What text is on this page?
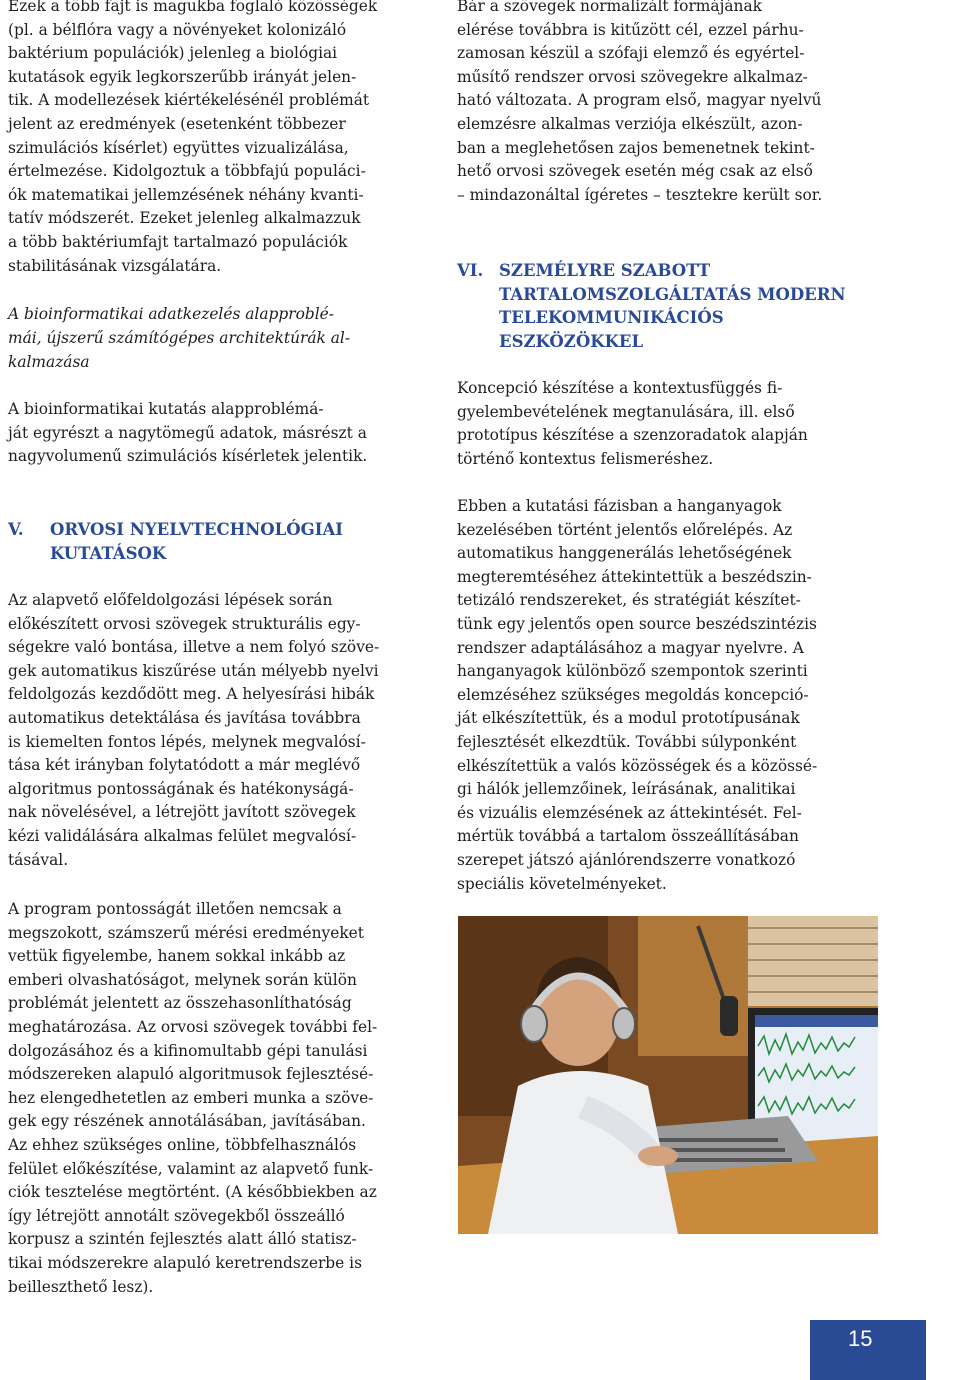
Ezek a több fajt is magukba foglaló közösségek
(pl. a bélflóra vagy a növényeket kolonizáló
baktérium populációk) jelenleg a biológiai
kutatások egyik legkorszerűbb irányát jelen-
tik. A modellezések kiértékelésénél problémát
jelent az eredmények (esetenként többezer
szimulációs kísérlet) együttes vizualizálása,
értelmezése. Kidolgoztuk a többfajú populáci-
ók matematikai jellemzésének néhány kvanti-
tatív módszerét. Ezeket jelenleg alkalmazzuk
a több baktériumfajt tartalmazó populációk
stabilitásának vizsgálatára.

A bioinformatikai adatkezelés alapproblé-
mái, újszerű számítógépes architektúrák al-
kalmazása

A bioinformatikai kutatás alapproblémá-
ját egyrészt a nagytömegű adatok, másrészt a
nagyvolumenű szimulációs kísérletek jelentik.

V.	ORVOSI NYELVTECHNOLÓGIAI
KUTATÁSOK

Az alapvető előfeldolgozási lépések során
előkészített orvosi szövegek strukturális egy-
ségekre való bontása, illetve a nem folyó szöve-
gek automatikus kiszűrése után mélyebb nyelvi
feldolgozás kezdődött meg. A helyesírási hibák
automatikus detektálása és javítása továbbra
is kiemelten fontos lépés, melynek megvalósí-
tása két irányban folytatódott a már meglévő
algoritmus pontosságának és hatékonyságá-
nak növelésével, a létrejött javított szövegek
kézi validálására alkalmas felület megvalósí-
tásával.

A program pontosságát illetően nemcsak a
megszokott, számszerű mérési eredményeket
vettük figyelembe, hanem sokkal inkább az
emberi olvashatóságot, melynek során külön
problémát jelentett az összehasonlíthatóság
meghatározása. Az orvosi szövegek további fel-
dolgozásához és a kifinomultabb gépi tanulási
módszereken alapuló algoritmusok fejlesztésé-
hez elengedhetetlen az emberi munka a szöve-
gek egy részének annotálásában, javításában.
Az ehhez szükséges online, többfelhasználós
felület előkészítése, valamint az alapvető funk-
ciók tesztelése megtörtént. (A későbbiekben az
így létrejött annotált szövegekből összeálló
korpusz a szintén fejlesztés alatt álló statisz-
tikai módszerekre alapuló keretrendszerbe is
beilleszthető lesz).

Bár a szövegek normalizált formájának
elérése továbbra is kitűzött cél, ezzel párhu-
zamosan készül a szófaji elemző és egyértel-
műsítő rendszer orvosi szövegekre alkalmaz-
ható változata. A program első, magyar nyelvű
elemzésre alkalmas verziója elkészült, azon-
ban a meglehetősen zajos bemenetnek tekint-
hető orvosi szövegek esetén még csak az első
– mindazonáltal ígéretes – tesztekre került sor.

VI. SZEMÉLYRE SZABOTT
TARTALOMSZOLGÁLTATÁS MODERN
TELEKOMMUNIKÁCIÓS
ESZKÖZÖKKEL

Koncepció készítése a kontextusfüggés fi-
gyelembevételének megtanulására, ill. első
prototípus készítése a szenzoradatok alapján
történő kontextus felismeréshez.

Ebben a kutatási fázisban a hanganyagok
kezelésében történt jelentős előrelépés. Az
automatikus hanggenerálás lehetőségének
megteremtéséhez áttekintettük a beszédszin-
tetizáló rendszereket, és stratégiát készítet-
tünk egy jelentős open source beszédszintézis
rendszer adaptálásához a magyar nyelvre. A
hanganyagok különböző szempontok szerinti
elemzéséhez szükséges megoldás koncepció-
ját elkészítettük, és a modul prototípusának
fejlesztését elkezdtük. További súlyponként
elkészítettük a valós közösségek és a közössé-
gi hálók jellemzőinek, leírásának, analitikai
és vizuális elemzésének az áttekintését. Fel-
mértük továbbá a tartalom összeállításában
szerepet játszó ajánlórendszerre vonatkozó
speciális követelményeket.

15
